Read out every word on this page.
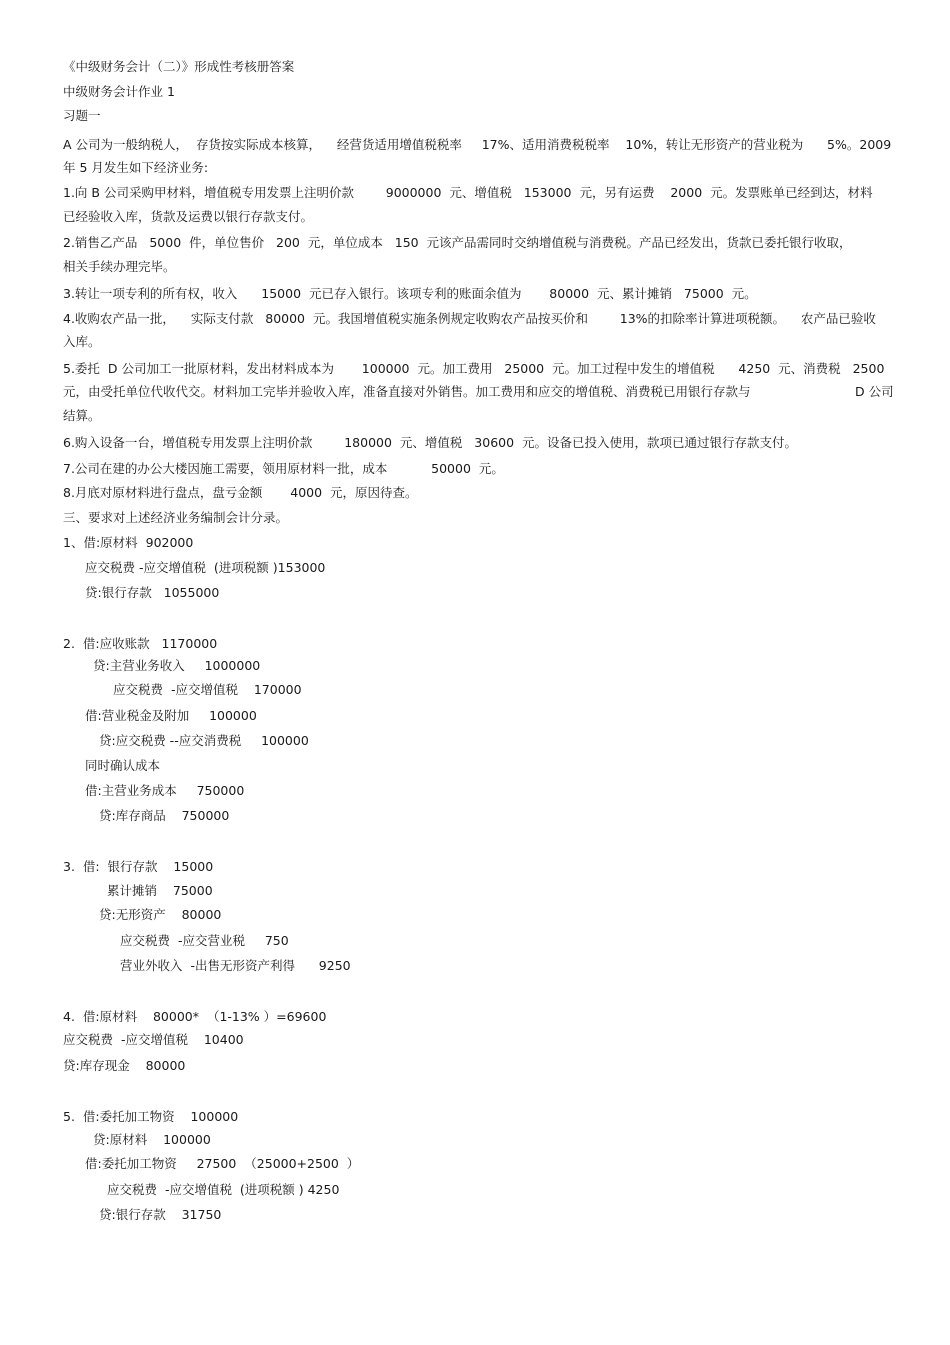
《中级财务会计（二）》形成性考核册答案
中级财务会计作业 1
习题一
A 公司为一般纳税人，  存货按实际成本核算，    经营货适用增值税税率     17%、适用消费税税率    10%，转让无形资产的营业税为      5%。2009
年 5 月发生如下经济业务:
1.向 B 公司采购甲材料，增值税专用发票上注明价款        9000000  元、增值税   153000  元，另有运费    2000  元。发票账单已经到达，材料
已经验收入库，货款及运费以银行存款支付。
2.销售乙产品   5000  件，单位售价   200  元，单位成本   150  元该产品需同时交纳增值税与消费税。产品已经发出，货款已委托银行收取，
相关手续办理完毕。
3.转让一项专利的所有权，收入      15000  元已存入银行。该项专利的账面余值为       80000  元、累计摊销   75000  元。
4.收购农产品一批，    实际支付款   80000  元。我国增值税实施条例规定收购农产品按买价和        13%的扣除率计算进项税额。    农产品已验收
入库。
5.委托  D 公司加工一批原材料，发出材料成本为       100000  元。加工费用   25000  元。加工过程中发生的增值税      4250  元、消费税   2500
元，由受托单位代收代交。材料加工完毕并验收入库，准备直接对外销售。加工费用和应交的增值税、消费税已用银行存款与	D 公司
结算。
6.购入设备一台，增值税专用发票上注明价款        180000  元、增值税   30600  元。设备已投入使用，款项已通过银行存款支付。
7.公司在建的办公大楼因施工需要，领用原材料一批，成本           50000  元。
8.月底对原材料进行盘点，盘亏金额       4000  元，原因待查。
三、要求对上述经济业务编制会计分录。
1、借:原材料  902000
应交税费 -应交增值税  (进项税额 )153000
贷:银行存款   1055000
2.  借:应收账款   1170000
贷:主营业务收入     1000000
应交税费  -应交增值税    170000
借:营业税金及附加     100000
贷:应交税费 --应交消费税     100000
同时确认成本
借:主营业务成本     750000
贷:库存商品    750000
3.  借:  银行存款    15000
累计摊销    75000
贷:无形资产    80000
应交税费  -应交营业税     750
营业外收入  -出售无形资产利得      9250
4.  借:原材料    80000*  （1-13% ）=69600
应交税费  -应交增值税    10400
贷:库存现金    80000
5.  借:委托加工物资    100000
贷:原材料    100000
借:委托加工物资     27500  （25000+2500  ）
应交税费  -应交增值税  (进项税额 ) 4250
贷:银行存款    31750
